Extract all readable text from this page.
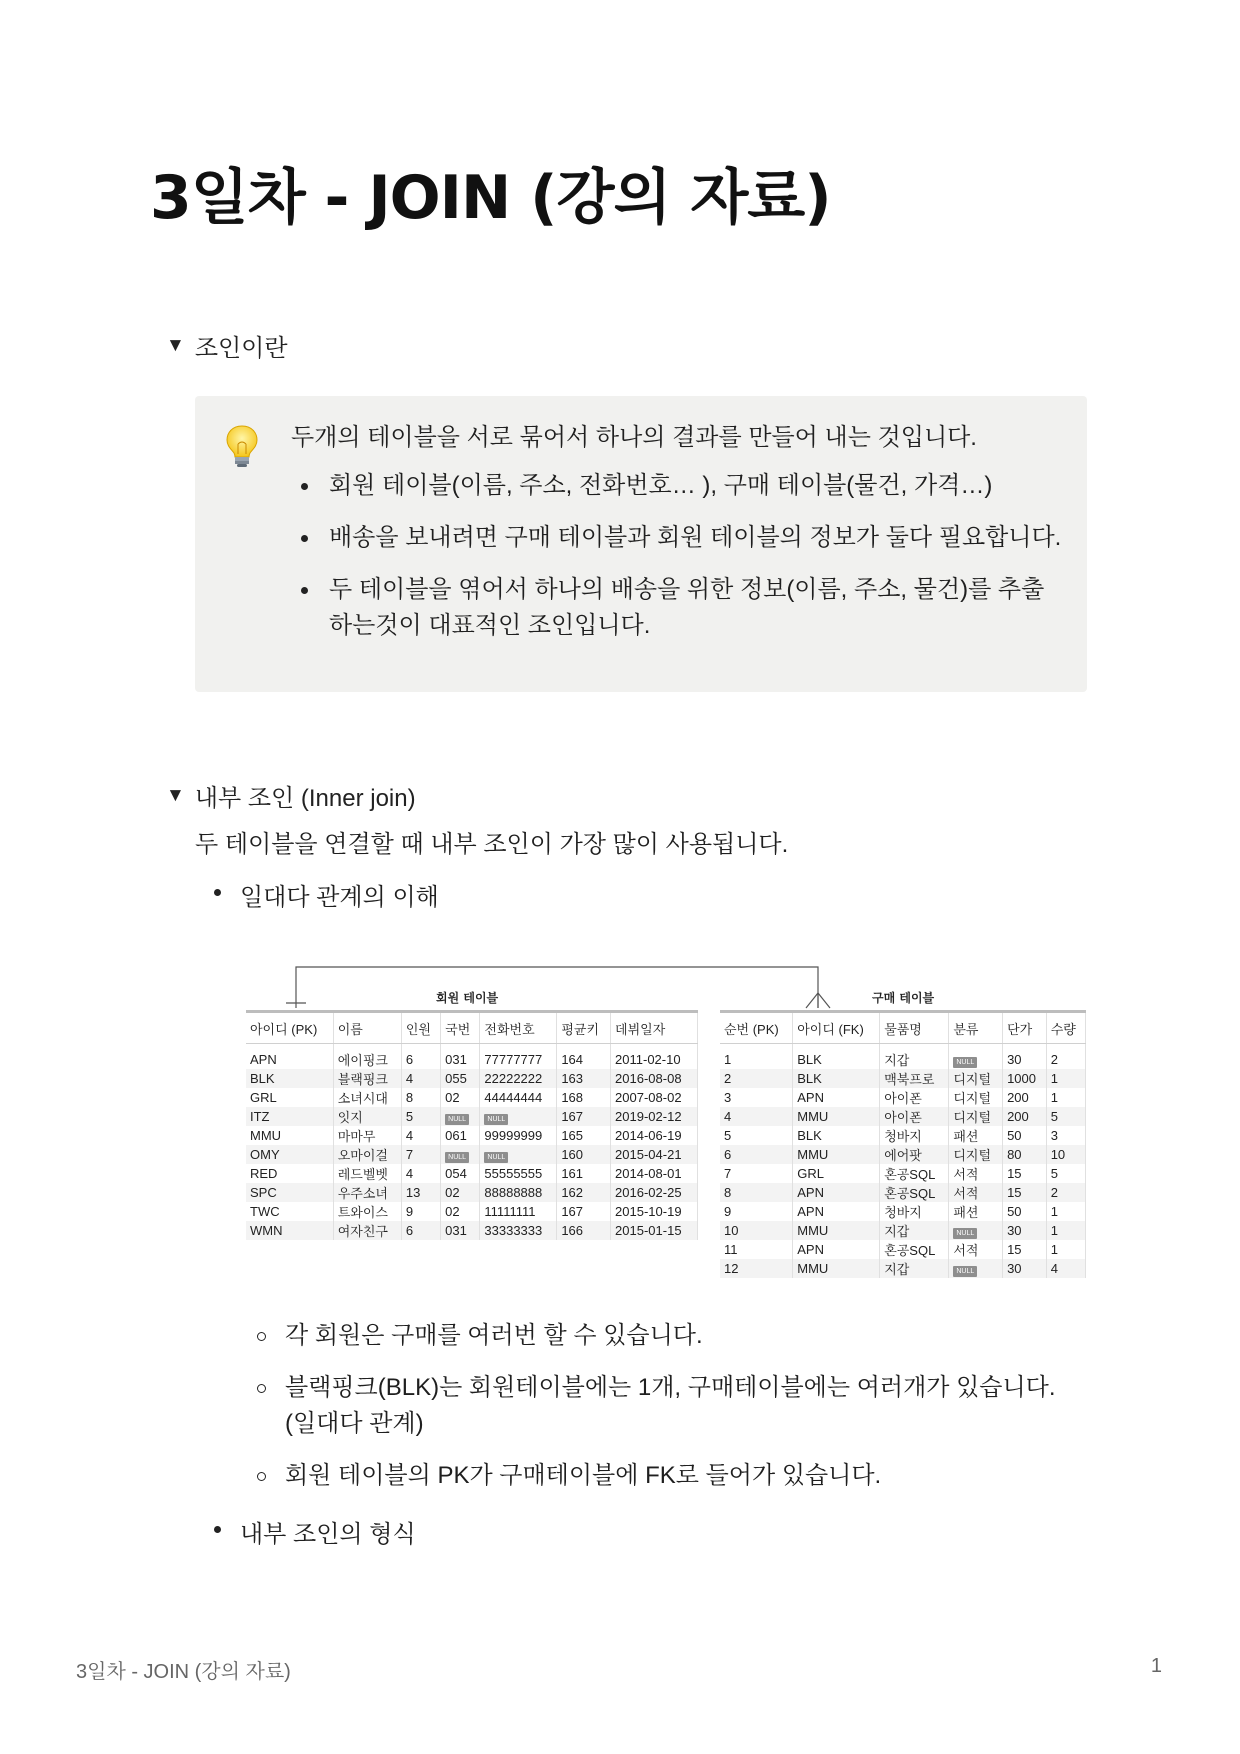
3일차 - JOIN (강의 자료)
▼ 조인이란

두개의 테이블을 서로 묶어서 하나의 결과를 만들어 내는 것입니다.

회원 테이블(이름, 주소, 전화번호… ), 구매 테이블(물건, 가격…)
배송을 보내려면 구매 테이블과 회원 테이블의 정보가 둘다 필요합니다.
두 테이블을 엮어서 하나의 배송을 위한 정보(이름, 주소, 물건)를 추출 하는것이 대표적인 조인입니다.
▼ 내부 조인 (Inner join)

두 테이블을 연결할 때 내부 조인이 가장 많이 사용됩니다.

일대다 관계의 이해

회원 테이블	구매 테이블
아이디 (PK)	이름	인원	국번	전화번호	평균키	데뷔일자
APN	에이핑크	6	031	77777777	164	2011-02-10
BLK	블랙핑크	4	055	22222222	163	2016-08-08
GRL	소녀시대	8	02	44444444	168	2007-08-02
ITZ	잇지	5	NULL	NULL	167	2019-02-12
MMU	마마무	4	061	99999999	165	2014-06-19
OMY	오마이걸	7	NULL	NULL	160	2015-04-21
RED	레드벨벳	4	054	55555555	161	2014-08-01
SPC	우주소녀	13	02	88888888	162	2016-02-25
TWC	트와이스	9	02	11111111	167	2015-10-19
WMN	여자친구	6	031	33333333	166	2015-01-15
순번 (PK)	아이디 (FK)	물품명	분류	단가	수량
1	BLK	지갑	NULL	30	2
2	BLK	맥북프로	디지털	1000	1
3	APN	아이폰	디지털	200	1
4	MMU	아이폰	디지털	200	5
5	BLK	청바지	패션	50	3
6	MMU	에어팟	디지털	80	10
7	GRL	혼공SQL	서적	15	5
8	APN	혼공SQL	서적	15	2
9	APN	청바지	패션	50	1
10	MMU	지갑	NULL	30	1
11	APN	혼공SQL	서적	15	1
12	MMU	지갑	NULL	30	4
각 회원은 구매를 여러번 할 수 있습니다.
블랙핑크(BLK)는 회원테이블에는 1개, 구매테이블에는 여러개가 있습니다. (일대다 관계)
회원 테이블의 PK가 구매테이블에 FK로 들어가 있습니다.

내부 조인의 형식

3일차 - JOIN (강의 자료)	1
